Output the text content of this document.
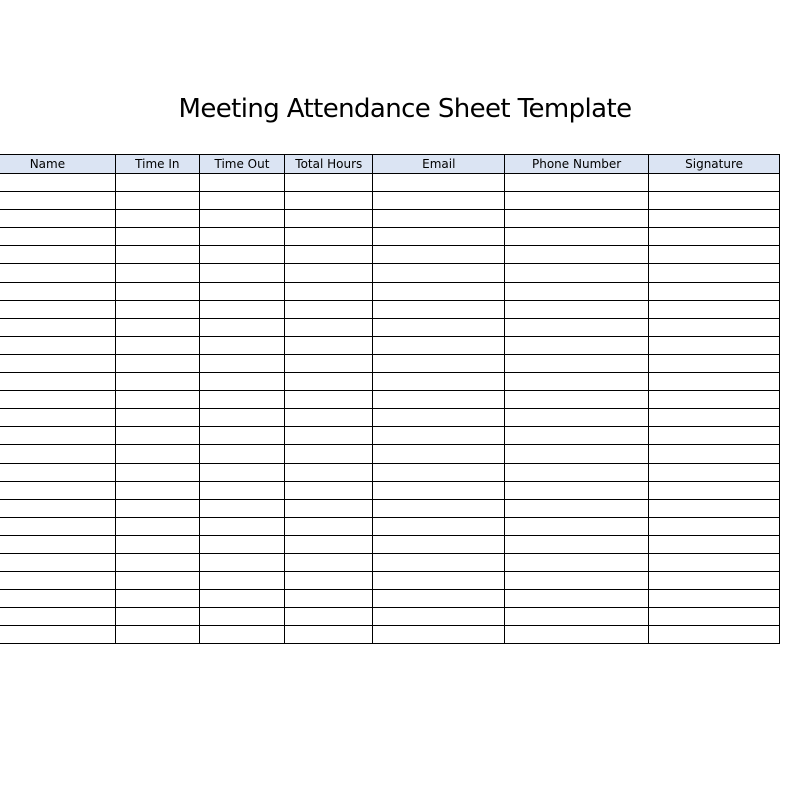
Meeting Attendance Sheet Template
Name	Time In	Time Out	Total Hours	Email	Phone Number	Signature
